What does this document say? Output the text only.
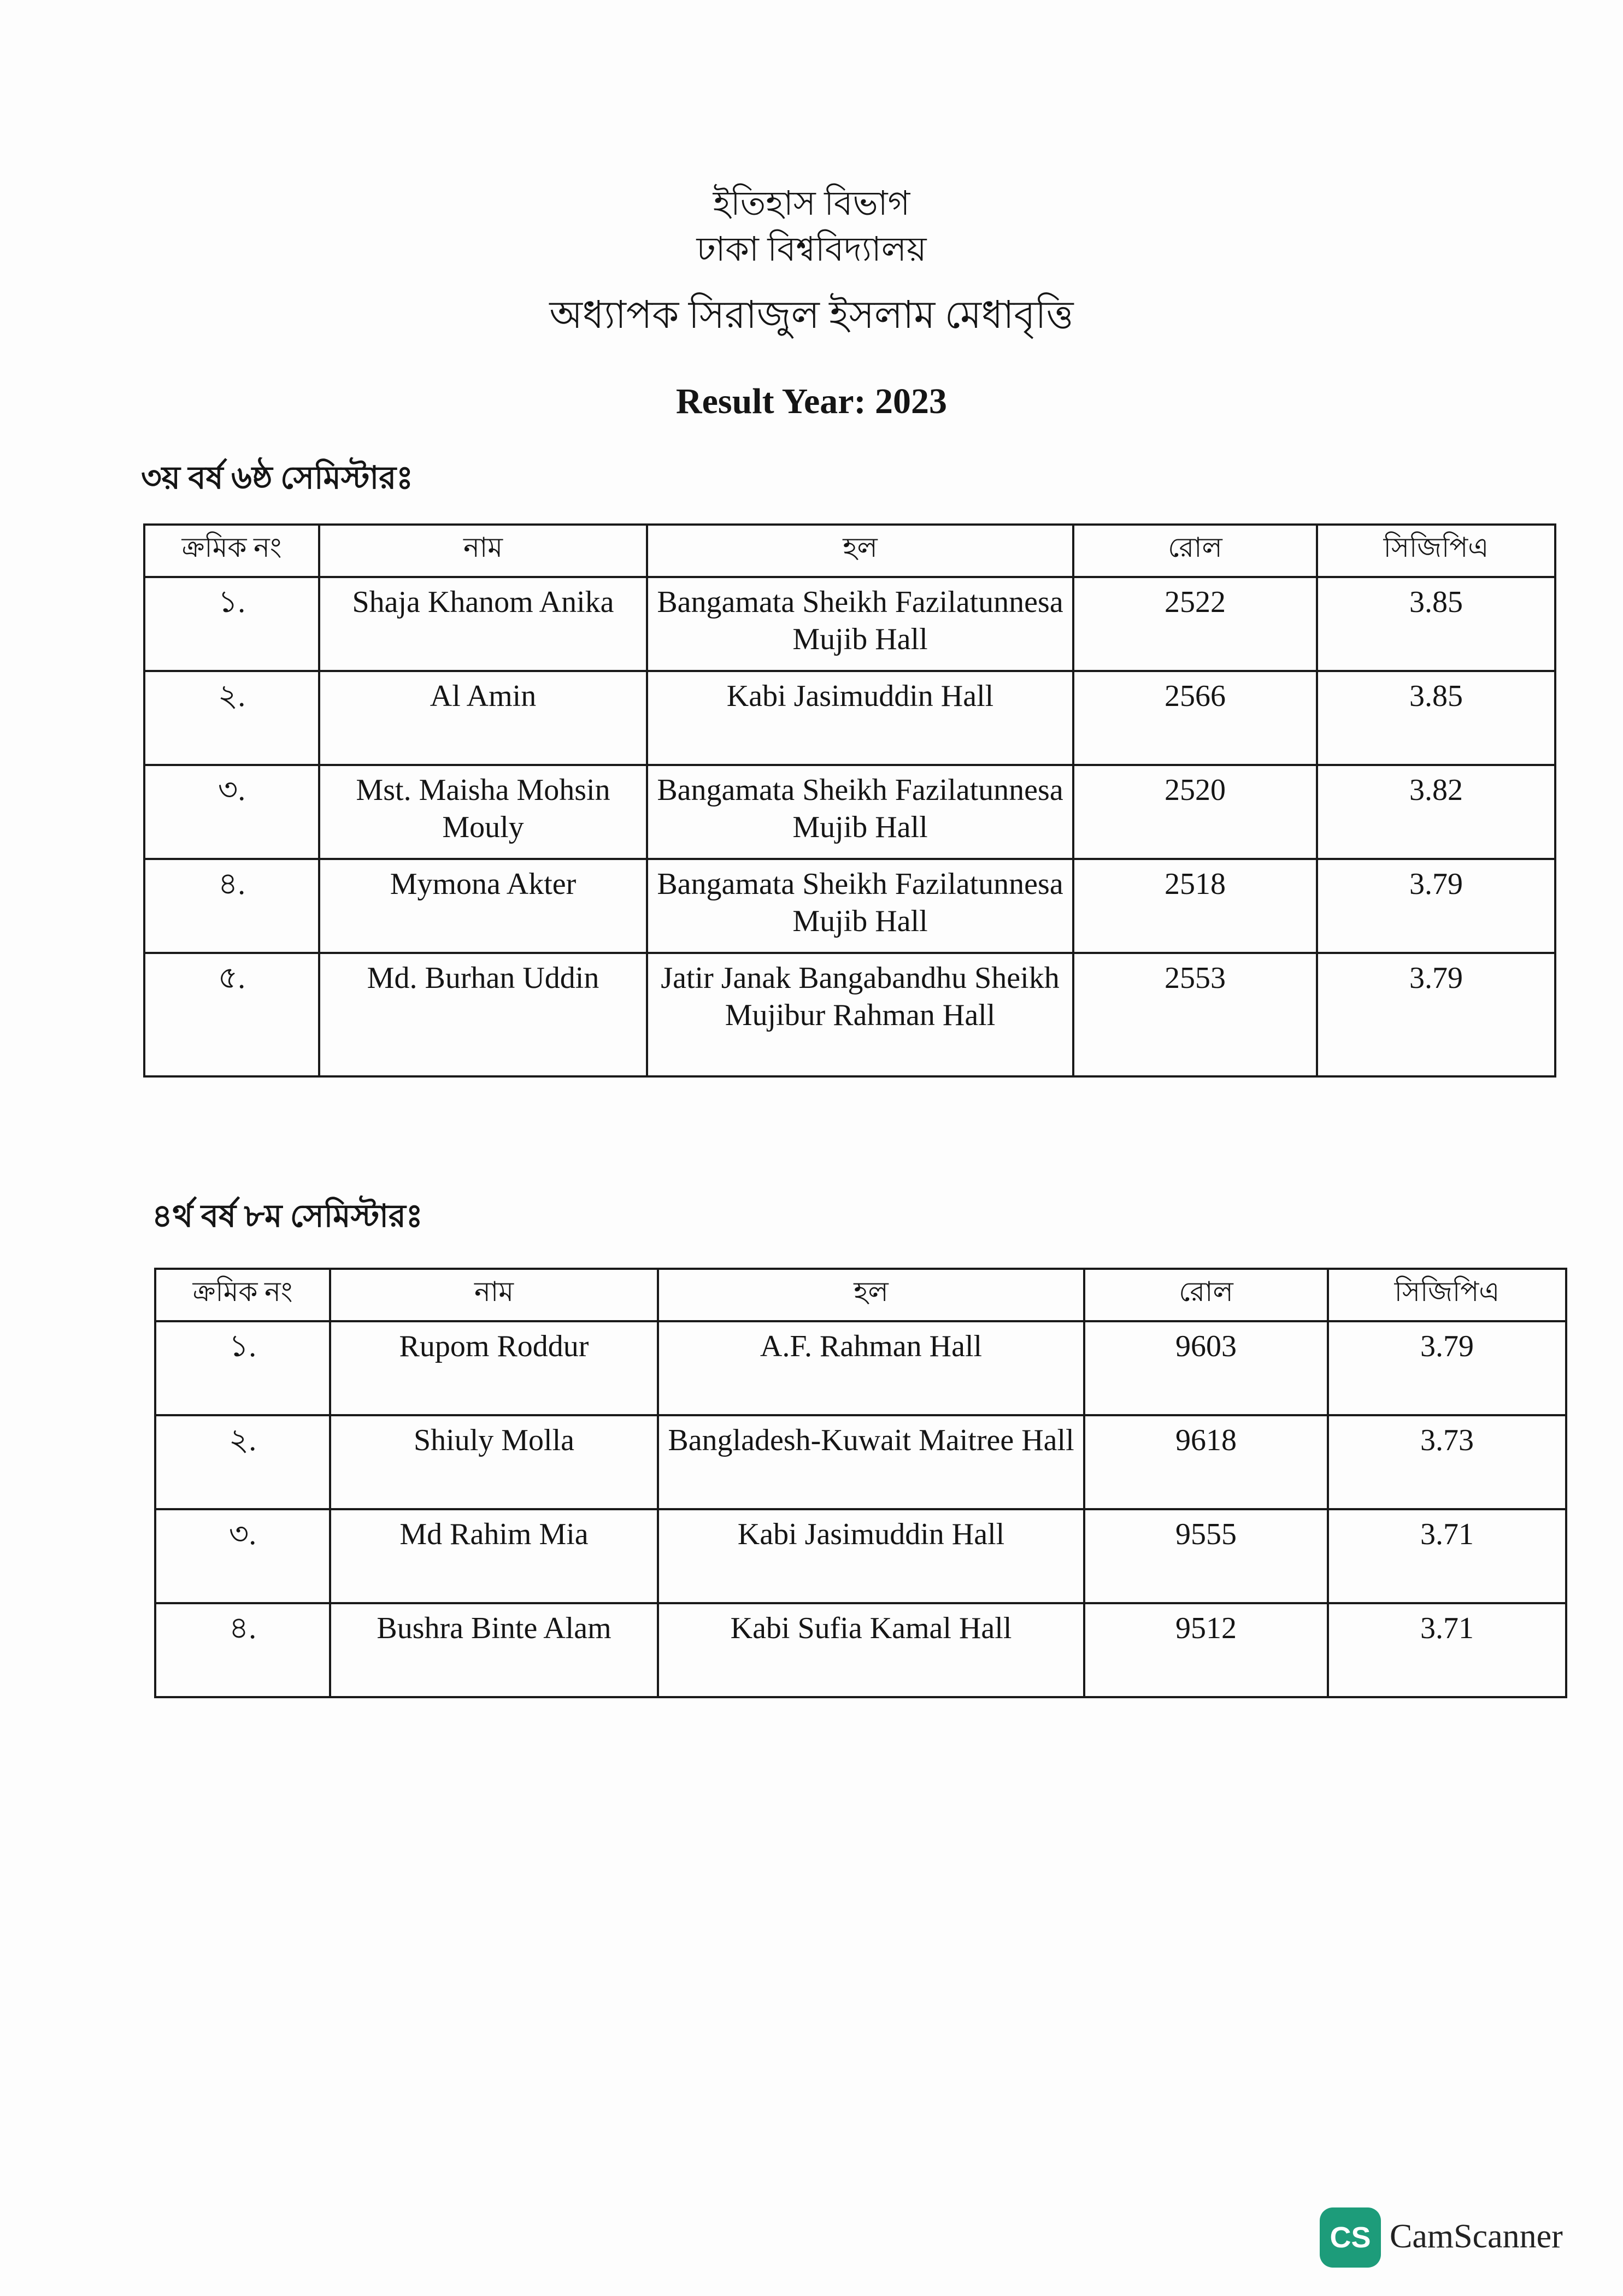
ইতিহাস বিভাগ
ঢাকা বিশ্ববিদ্যালয়
অধ্যাপক সিরাজুল ইসলাম মেধাবৃত্তি
Result Year: 2023
৩য় বর্ষ ৬ষ্ঠ সেমিস্টারঃ
ক্রমিক নং	নাম	হল	রোল	সিজিপিএ
১.	Shaja Khanom Anika	Bangamata Sheikh Fazilatunnesa Mujib Hall	2522	3.85
২.	Al Amin	Kabi Jasimuddin Hall	2566	3.85
৩.	Mst. Maisha Mohsin Mouly	Bangamata Sheikh Fazilatunnesa Mujib Hall	2520	3.82
৪.	Mymona Akter	Bangamata Sheikh Fazilatunnesa Mujib Hall	2518	3.79
৫.	Md. Burhan Uddin	Jatir Janak Bangabandhu Sheikh Mujibur Rahman Hall	2553	3.79
৪র্থ বর্ষ ৮ম সেমিস্টারঃ
ক্রমিক নং	নাম	হল	রোল	সিজিপিএ
১.	Rupom Roddur	A.F. Rahman Hall	9603	3.79
২.	Shiuly Molla	Bangladesh-Kuwait Maitree Hall	9618	3.73
৩.	Md Rahim Mia	Kabi Jasimuddin Hall	9555	3.71
৪.	Bushra Binte Alam	Kabi Sufia Kamal Hall	9512	3.71
CS CamScanner
